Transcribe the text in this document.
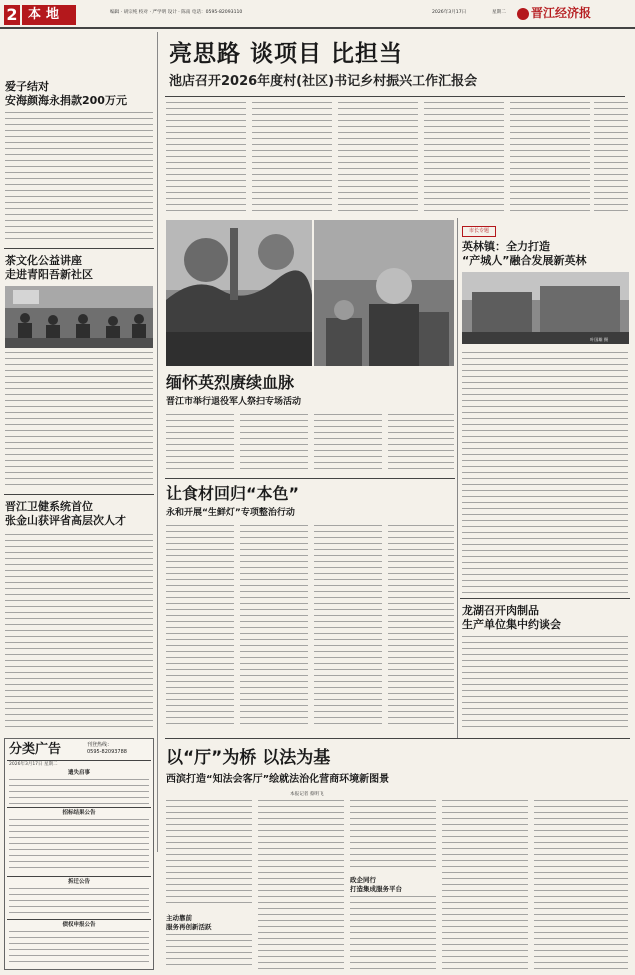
2 本地	编辑 · 胡宗纯 校对 · 严学明 设计 · 陈南 电话：0595-82093110	2026年3月17日	星期二 晋江经济报
亮思路 谈项目 比担当
池店召开2026年度村(社区)书记乡村振兴工作汇报会
爱子结对
安海颜海永捐款200万元
茶文化公益讲座
走进青阳吾新社区
晋江卫健系统首位
张金山获评省高层次人才
分类广告	刊登热线：
0595-82093788
2026年3月17日 星期二
遗失启事
招标结果公告
拆迁公告
债权申报公告
缅怀英烈赓续血脉
晋江市举行退役军人祭扫专场活动
让食材回归“本色”
永和开展“生鲜灯”专项整治行动
市长专题
英林镇：全力打造
“产城人”融合发展新英林
叶国雄 摄
龙湖召开肉制品
生产单位集中约谈会
以“厅”为桥 以法为基
西滨打造“知法会客厅”绘就法治化营商环境新图景
本报记者 蔡明飞
主动靠前
服务再创新活跃
政企同行
打造集成服务平台
